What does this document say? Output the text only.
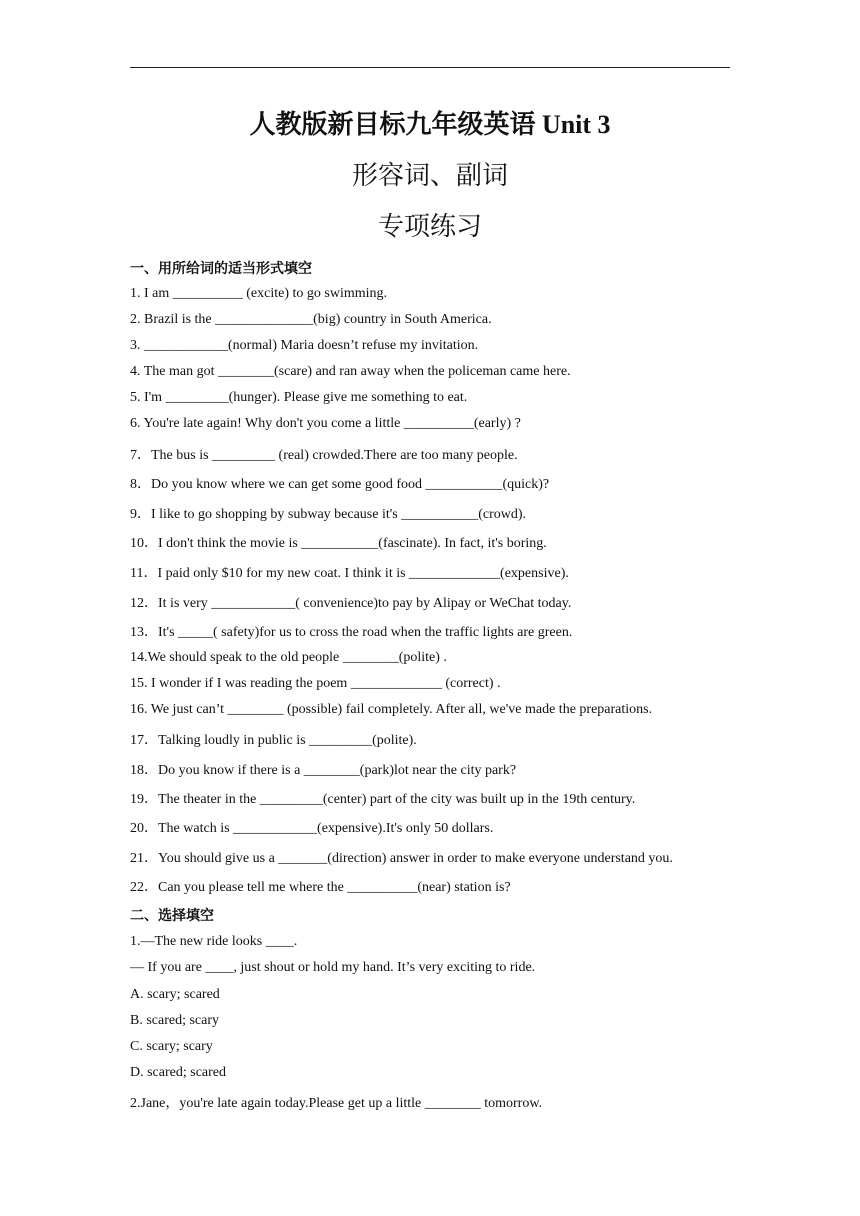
人教版新目标九年级英语 Unit 3
形容词、副词
专项练习
一、用所给词的适当形式填空
1. I am __________ (excite) to go swimming.
2. Brazil is the ______________(big) country in South America.
3. ____________(normal) Maria doesn’t refuse my invitation.
4. The man got ________(scare) and ran away when the policeman came here.
5. I'm _________(hunger). Please give me something to eat.
6. You're late again! Why don't you come a little __________(early) ?
7．The bus is _________ (real) crowded.There are too many people.
8．Do you know where we can get some good food ___________(quick)?
9．I like to go shopping by subway because it's ___________(crowd).
10．I don't think the movie is ___________(fascinate). In fact, it's boring.
11．I paid only $10 for my new coat. I think it is _____________(expensive).
12．It is very ____________( convenience)to pay by Alipay or WeChat today.
13．It's _____( safety)for us to cross the road when the traffic lights are green.
14.We should speak to the old people ________(polite) .
15. I wonder if I was reading the poem _____________ (correct) .
16. We just can’t ________ (possible) fail completely. After all, we've made the preparations.
17．Talking loudly in public is _________(polite).
18．Do you know if there is a ________(park)lot near the city park?
19．The theater in the _________(center) part of the city was built up in the 19th century.
20．The watch is ____________(expensive).It's only 50 dollars.
21．You should give us a _______(direction) answer in order to make everyone understand you.
22．Can you please tell me where the __________(near) station is?
二、选择填空
1.—The new ride looks ____.
— If you are ____, just shout or hold my hand. It’s very exciting to ride.
A. scary; scared
B. scared; scary
C. scary; scary
D. scared; scared
2.Jane，you're late again today.Please get up a little ________ tomorrow.
